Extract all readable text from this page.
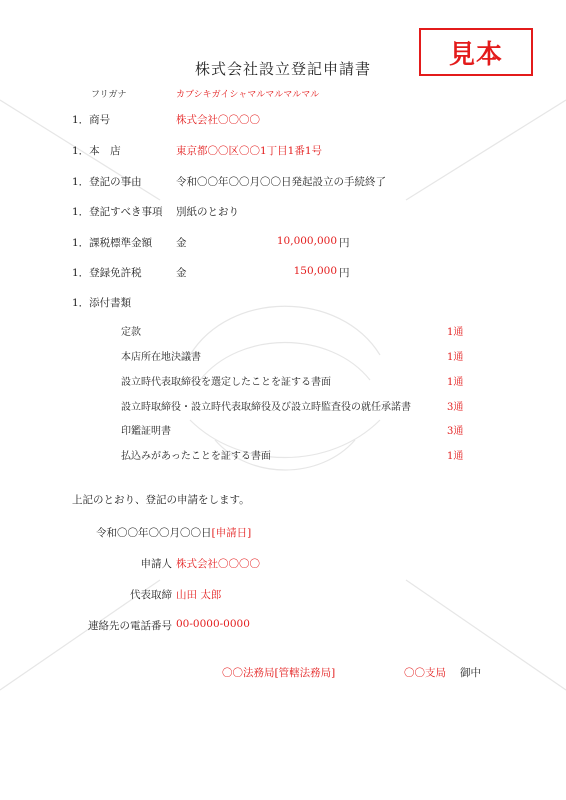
見本
株式会社設立登記申請書
フリガナ	カブシキガイシャマルマルマルマル
1．商号	株式会社〇〇〇〇
1．本　店	東京都〇〇区〇〇1丁目1番1号
1．登記の事由	令和〇〇年〇〇月〇〇日発起設立の手続終了
1．登記すべき事項 別紙のとおり
1．課税標準金額 金	10,000,000 円
1．登録免許税	金	150,000 円
1．添付書類
定款	1通
本店所在地決議書	1通
設立時代表取締役を選定したことを証する書面	1通
設立時取締役・設立時代表取締役及び設立時監査役の就任承諾書	3通
印鑑証明書	3通
払込みがあったことを証する書面	1通
上記のとおり、登記の申請をします。
令和〇〇年〇〇月〇〇日[申請日]
申請人 株式会社〇〇〇〇
代表取締 山田 太郎
連絡先の電話番号 00-0000-0000
〇〇法務局[管轄法務局]	〇〇支局 御中
